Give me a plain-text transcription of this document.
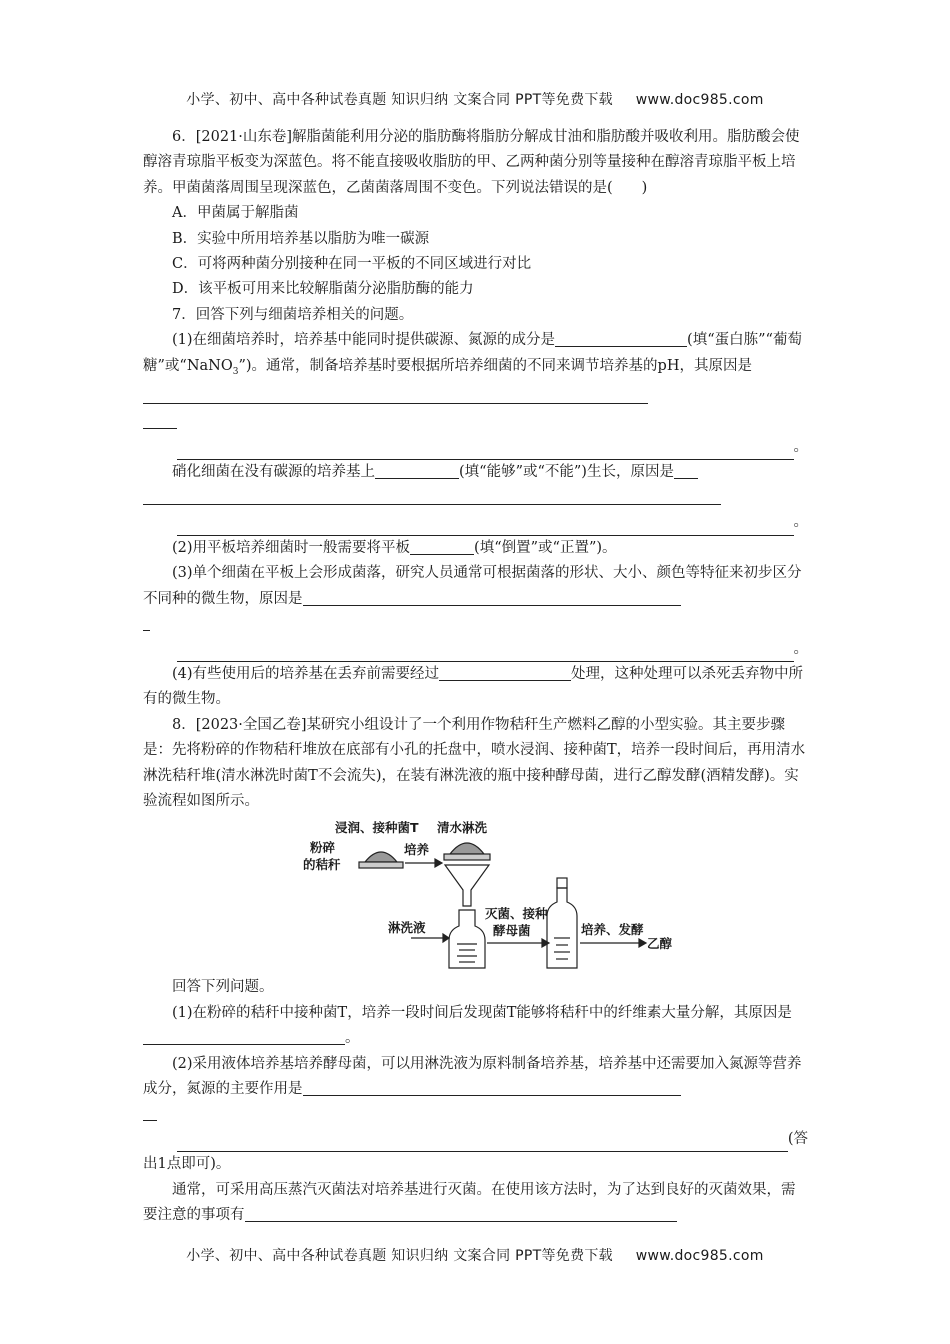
小学、初中、高中各种试卷真题 知识归纳 文案合同 PPT等免费下载 www.doc985.com

6．[2021·山东卷]解脂菌能利用分泌的脂肪酶将脂肪分解成甘油和脂肪酸并吸收利用。脂肪酸会使醇溶青琼脂平板变为深蓝色。将不能直接吸收脂肪的甲、乙两种菌分别等量接种在醇溶青琼脂平板上培养。甲菌菌落周围呈现深蓝色，乙菌菌落周围不变色。下列说法错误的是(　　)

A．甲菌属于解脂菌

B．实验中所用培养基以脂肪为唯一碳源

C．可将两种菌分别接种在同一平板的不同区域进行对比

D．该平板可用来比较解脂菌分泌脂肪酶的能力

7．回答下列与细菌培养相关的问题。

(1)在细菌培养时，培养基中能同时提供碳源、氮源的成分是	(填“蛋白胨”“葡萄糖”或“NaNO$_3$”)。通常，制备培养基时要根据所培养细菌的不同来调节培养基的pH，其原因是

。

硝化细菌在没有碳源的培养基上	(填“能够”或“不能”)生长，原因是

。

(2)用平板培养细菌时一般需要将平板	(填“倒置”或“正置”)。

(3)单个细菌在平板上会形成菌落，研究人员通常可根据菌落的形状、大小、颜色等特征来初步区分不同种的微生物，原因是

。

(4)有些使用后的培养基在丢弃前需要经过	处理，这种处理可以杀死丢弃物中所有的微生物。

8．[2023·全国乙卷]某研究小组设计了一个利用作物秸秆生产燃料乙醇的小型实验。其主要步骤是：先将粉碎的作物秸秆堆放在底部有小孔的托盘中，喷水浸润、接种菌T，培养一段时间后，再用清水淋洗秸秆堆(清水淋洗时菌T不会流失)，在装有淋洗液的瓶中接种酵母菌，进行乙醇发酵(酒精发酵)。实验流程如图所示。

粉碎
的秸秆
浸润、接种菌T 清水淋洗
培养
淋洗液
灭菌、接种
酵母菌	培养、发酵
乙醇

回答下列问题。

(1)在粉碎的秸秆中接种菌T，培养一段时间后发现菌T能够将秸秆中的纤维素大量分解，其原因是。

(2)采用液体培养基培养酵母菌，可以用淋洗液为原料制备培养基，培养基中还需要加入氮源等营养成分，氮源的主要作用是

(答

出1点即可)。

通常，可采用高压蒸汽灭菌法对培养基进行灭菌。在使用该方法时，为了达到良好的灭菌效果，需要注意的事项有

小学、初中、高中各种试卷真题 知识归纳 文案合同 PPT等免费下载 www.doc985.com
